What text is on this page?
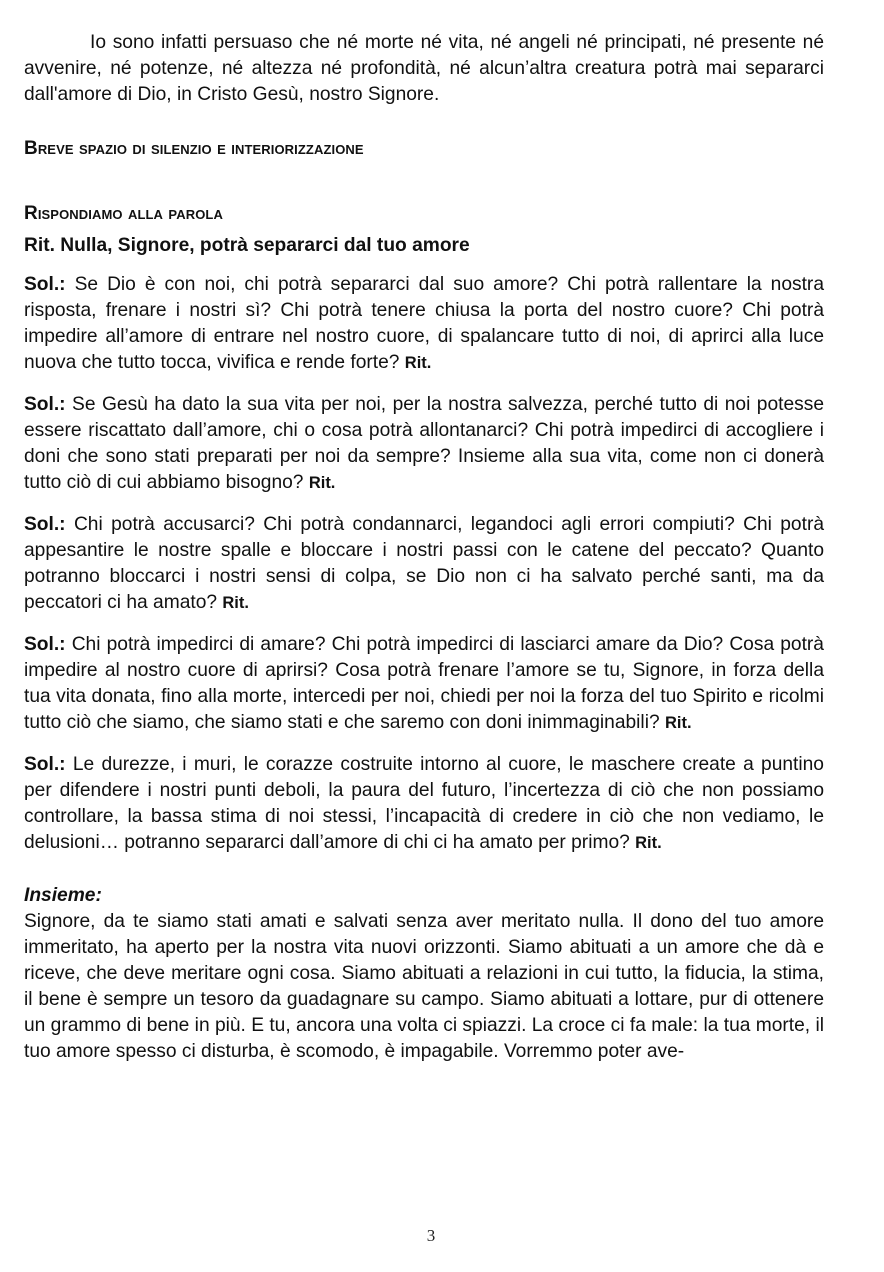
Io sono infatti persuaso che né morte né vita, né angeli né principati, né presente né avvenire, né potenze, né altezza né profondità, né alcun’altra creatura potrà mai separarci dall'amore di Dio, in Cristo Gesù, nostro Signore.

Breve spazio di silenzio e interiorizzazione

Rispondiamo alla parola

Rit. Nulla, Signore, potrà separarci dal tuo amore

Sol.: Se Dio è con noi, chi potrà separarci dal suo amore? Chi potrà rallentare la nostra risposta, frenare i nostri sì? Chi potrà tenere chiusa la porta del nostro cuore? Chi potrà impedire all’amore di entrare nel nostro cuore, di spalancare tutto di noi, di aprirci alla luce nuova che tutto tocca, vivifica e rende forte? Rit.

Sol.: Se Gesù ha dato la sua vita per noi, per la nostra salvezza, perché tutto di noi potesse essere riscattato dall’amore, chi o cosa potrà allontanarci? Chi potrà impedirci di accogliere i doni che sono stati preparati per noi da sempre? Insieme alla sua vita, come non ci donerà tutto ciò di cui abbiamo bisogno? Rit.

Sol.: Chi potrà accusarci? Chi potrà condannarci, legandoci agli errori compiuti? Chi potrà appesantire le nostre spalle e bloccare i nostri passi con le catene del peccato? Quanto potranno bloccarci i nostri sensi di colpa, se Dio non ci ha salvato perché santi, ma da peccatori ci ha amato? Rit.

Sol.: Chi potrà impedirci di amare? Chi potrà impedirci di lasciarci amare da Dio? Cosa potrà impedire al nostro cuore di aprirsi? Cosa potrà frenare l’amore se tu, Signore, in forza della tua vita donata, fino alla morte, intercedi per noi, chiedi per noi la forza del tuo Spirito e ricolmi tutto ciò che siamo, che siamo stati e che saremo con doni inimmaginabili? Rit.

Sol.: Le durezze, i muri, le corazze costruite intorno al cuore, le maschere create a puntino per difendere i nostri punti deboli, la paura del futuro, l’incertezza di ciò che non possiamo controllare, la bassa stima di noi stessi, l’incapacità di credere in ciò che non vediamo, le delusioni… potranno separarci dall’amore di chi ci ha amato per primo? Rit.

Insieme:

Signore, da te siamo stati amati e salvati senza aver meritato nulla. Il dono del tuo amore immeritato, ha aperto per la nostra vita nuovi orizzonti. Siamo abituati a un amore che dà e riceve, che deve meritare ogni cosa. Siamo abituati a relazioni in cui tutto, la fiducia, la stima, il bene è sempre un tesoro da guadagnare su campo. Siamo abituati a lottare, pur di ottenere un grammo di bene in più. E tu, ancora una volta ci spiazzi. La croce ci fa male: la tua morte, il tuo amore spesso ci disturba, è scomodo, è impagabile. Vorremmo poter ave-

3
